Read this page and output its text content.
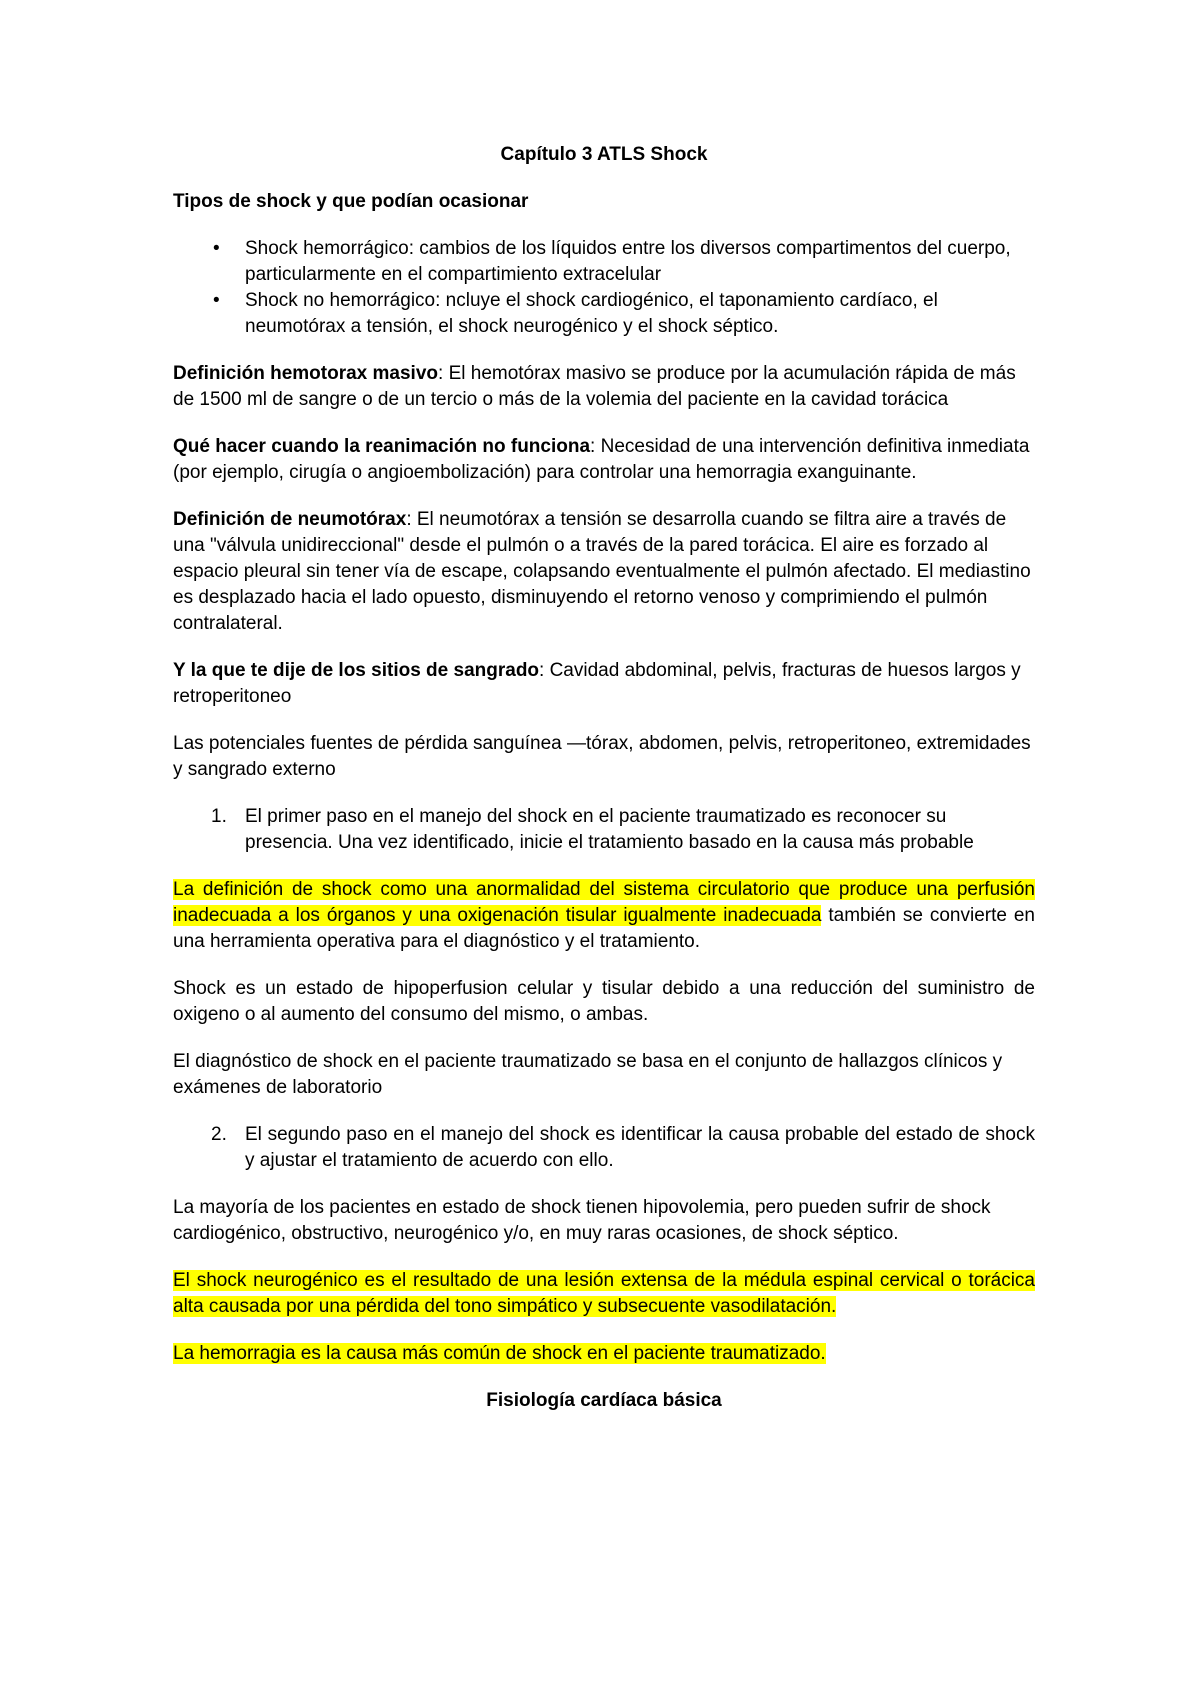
Capítulo 3 ATLS Shock
Tipos de shock y que podían ocasionar
•	Shock hemorrágico: cambios de los líquidos entre los diversos compartimentos del cuerpo, particularmente en el compartimiento extracelular
•	Shock no hemorrágico: ncluye el shock cardiogénico, el taponamiento cardíaco, el neumotórax a tensión, el shock neurogénico y el shock séptico.

Definición hemotorax masivo: El hemotórax masivo se produce por la acumulación rápida de más de 1500 ml de sangre o de un tercio o más de la volemia del paciente en la cavidad torácica

Qué hacer cuando la reanimación no funciona: Necesidad de una intervención definitiva inmediata (por ejemplo, cirugía o angioembolización) para controlar una hemorragia exanguinante.

Definición de neumotórax: El neumotórax a tensión se desarrolla cuando se filtra aire a través de una "válvula unidireccional" desde el pulmón o a través de la pared torácica. El aire es forzado al espacio pleural sin tener vía de escape, colapsando eventualmente el pulmón afectado. El mediastino es desplazado hacia el lado opuesto, disminuyendo el retorno venoso y comprimiendo el pulmón contralateral.

Y la que te dije de los sitios de sangrado: Cavidad abdominal, pelvis, fracturas de huesos largos y retroperitoneo

Las potenciales fuentes de pérdida sanguínea —tórax, abdomen, pelvis, retroperitoneo, extremidades y sangrado externo

1. El primer paso en el manejo del shock en el paciente traumatizado es reconocer su presencia. Una vez identificado, inicie el tratamiento basado en la causa más probable

La definición de shock como una anormalidad del sistema circulatorio que produce una perfusión inadecuada a los órganos y una oxigenación tisular igualmente inadecuada también se convierte en una herramienta operativa para el diagnóstico y el tratamiento.

Shock es un estado de hipoperfusion celular y tisular debido a una reducción del suministro de oxigeno o al aumento del consumo del mismo, o ambas.

El diagnóstico de shock en el paciente traumatizado se basa en el conjunto de hallazgos clínicos y exámenes de laboratorio

2. El segundo paso en el manejo del shock es identificar la causa probable del estado de shock y ajustar el tratamiento de acuerdo con ello.

La mayoría de los pacientes en estado de shock tienen hipovolemia, pero pueden sufrir de shock cardiogénico, obstructivo, neurogénico y/o, en muy raras ocasiones, de shock séptico.

El shock neurogénico es el resultado de una lesión extensa de la médula espinal cervical o torácica alta causada por una pérdida del tono simpático y subsecuente vasodilatación.

La hemorragia es la causa más común de shock en el paciente traumatizado.

Fisiología cardíaca básica
